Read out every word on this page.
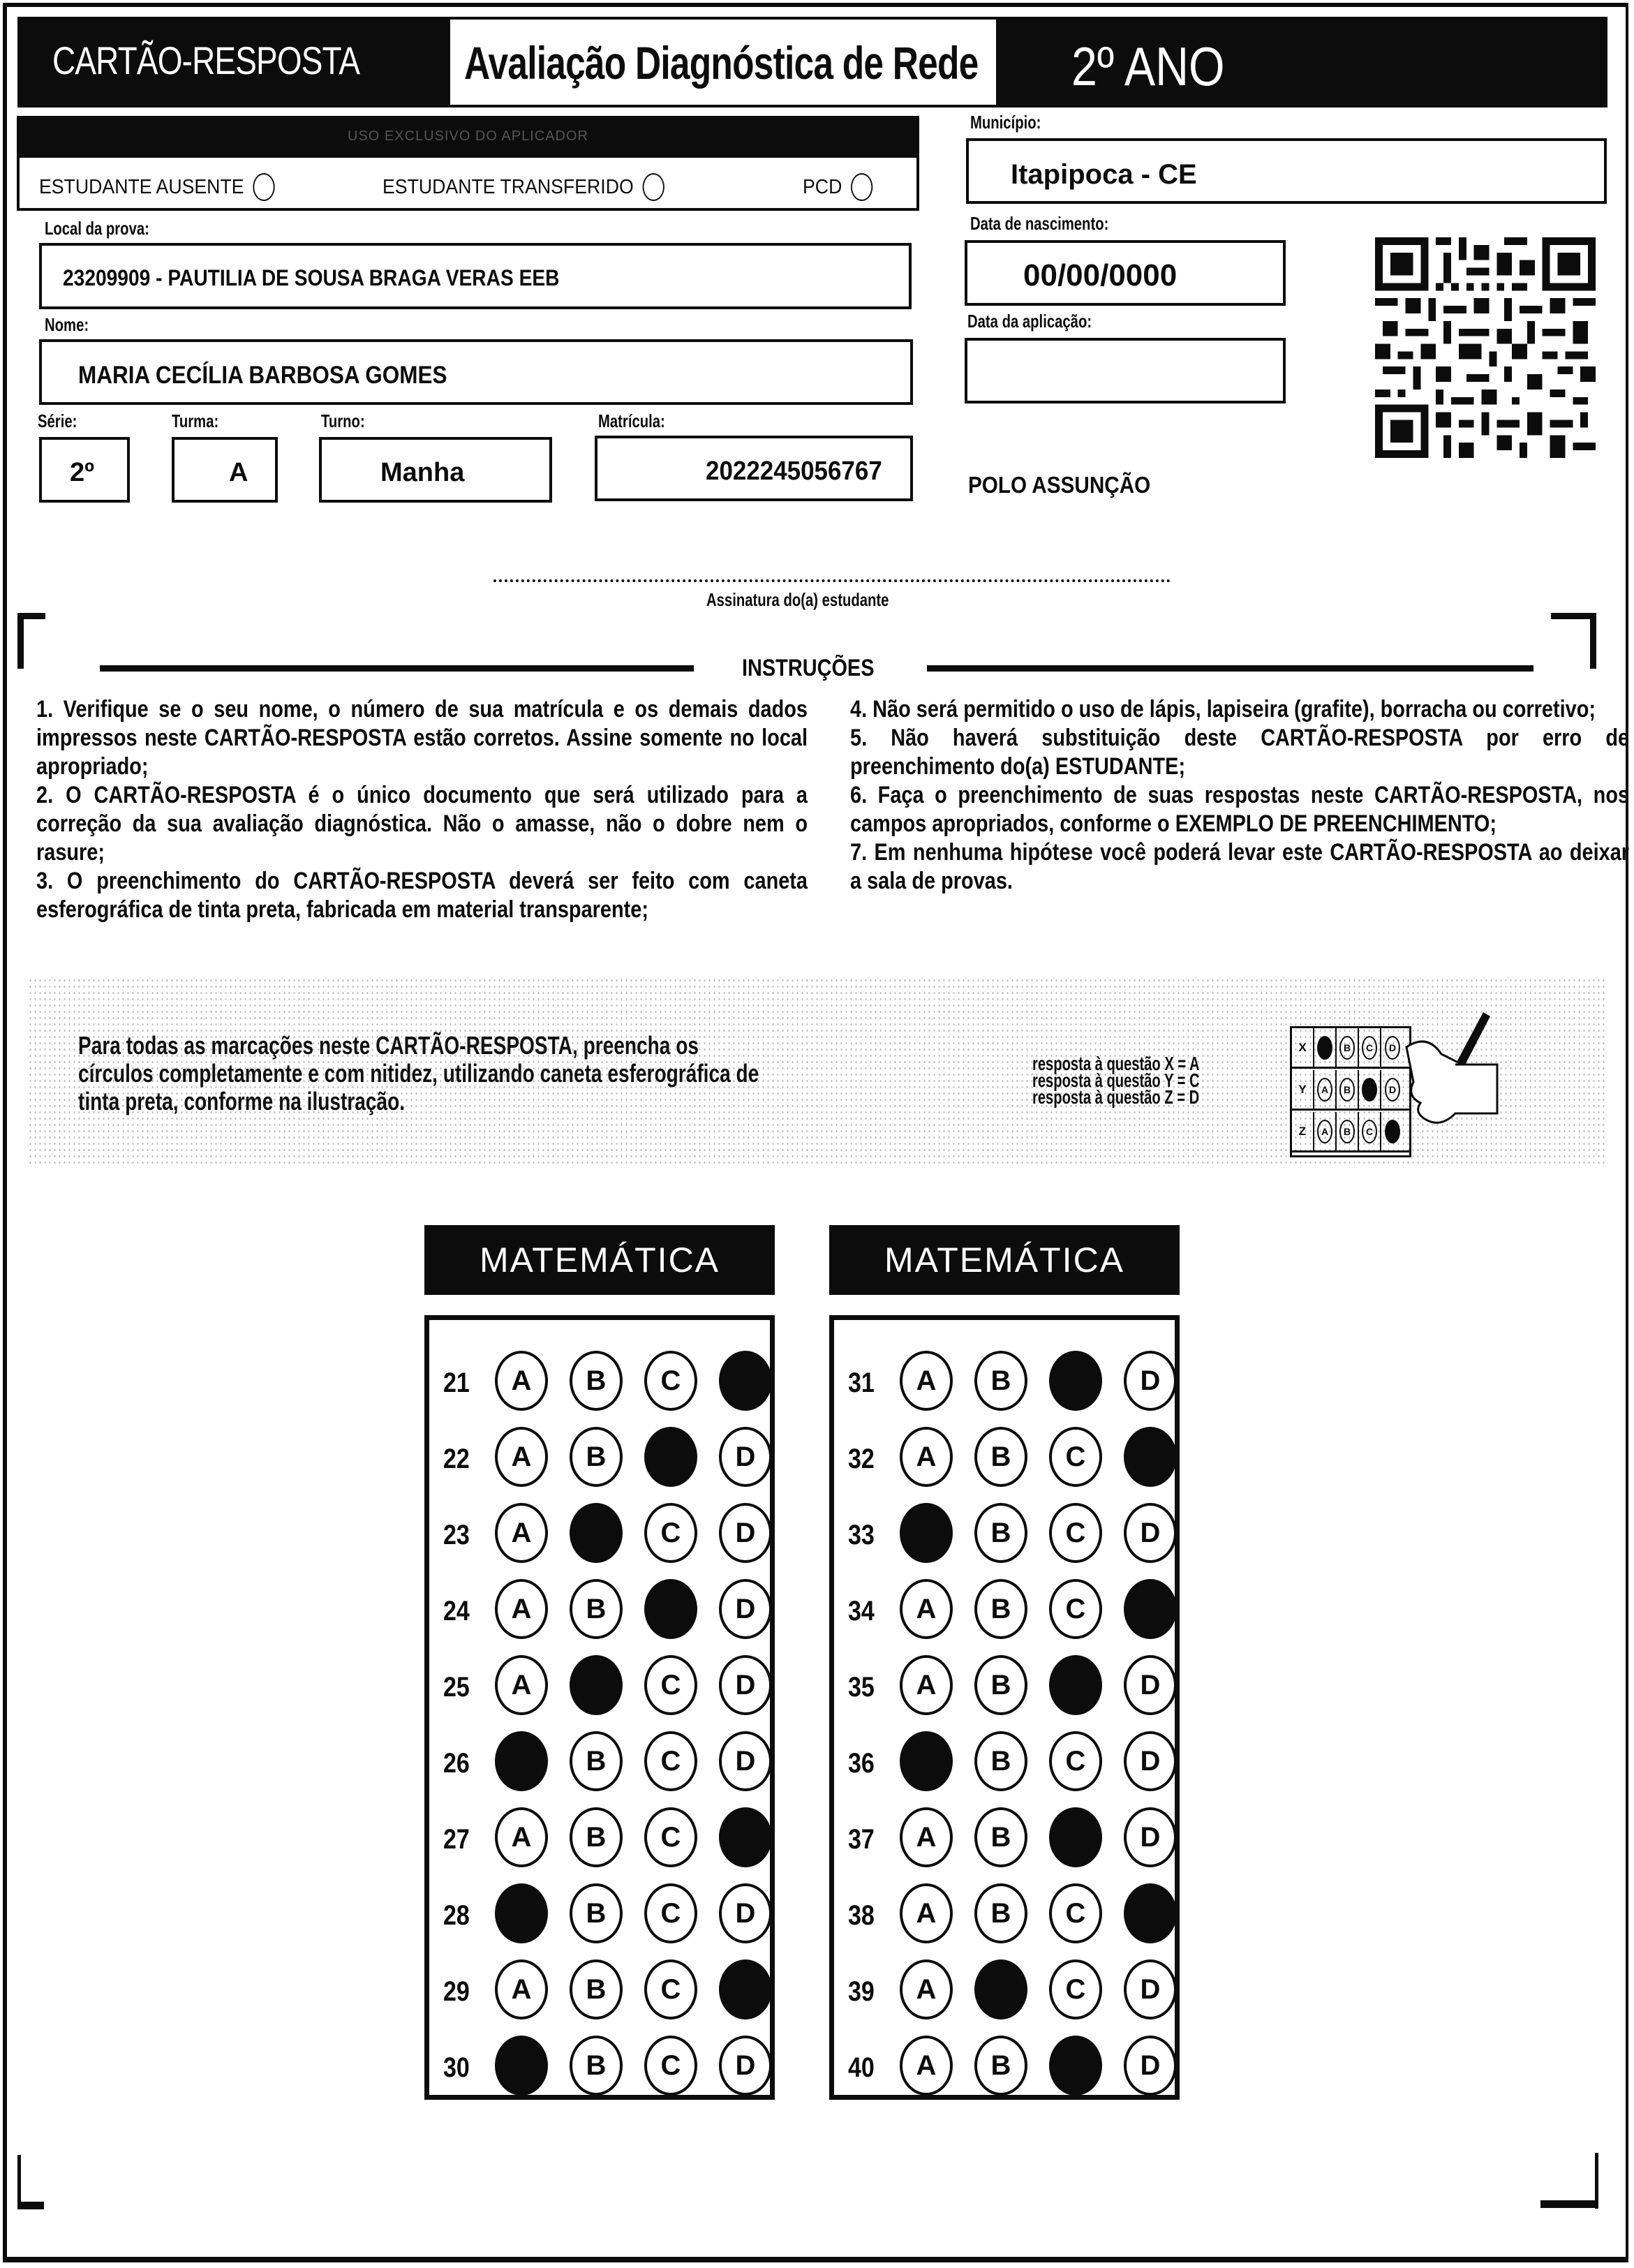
CARTÃO-RESPOSTA Avaliação Diagnóstica de Rede 2º ANO
USO EXCLUSIVO DO APLICADOR
ESTUDANTE AUSENTE	ESTUDANTE TRANSFERIDO	PCD
Local da prova:
23209909 - PAUTILIA DE SOUSA BRAGA VERAS EEB
Nome:
MARIA CECÍLIA BARBOSA GOMES
Série:
2º
Turma:
A
Turno:
Manha
Matrícula:
2022245056767
Município:
Itapipoca - CE
Data de nascimento:
00/00/0000
Data da aplicação:
POLO ASSUNÇÃO
Assinatura do(a) estudante
INSTRUÇÕES

1. Verifique se o seu nome, o número de sua matrícula e os demais dados impressos neste CARTÃO-RESPOSTA estão corretos. Assine somente no local apropriado;

2. O CARTÃO-RESPOSTA é o único documento que será utilizado para a correção da sua avaliação diagnóstica. Não o amasse, não o dobre nem o rasure;

3. O preenchimento do CARTÃO-RESPOSTA deverá ser feito com caneta esferográfica de tinta preta, fabricada em material transparente;

4. Não será permitido o uso de lápis, lapiseira (grafite), borracha ou corretivo;

5. Não haverá substituição deste CARTÃO-RESPOSTA por erro de preenchimento do(a) ESTUDANTE;

6. Faça o preenchimento de suas respostas neste CARTÃO-RESPOSTA, nos campos apropriados, conforme o EXEMPLO DE PREENCHIMENTO;

7. Em nenhuma hipótese você poderá levar este CARTÃO-RESPOSTA ao deixar a sala de provas.

Para todas as marcações neste CARTÃO-RESPOSTA, preencha os
círculos completamente e com nitidez, utilizando caneta esferográfica de
tinta preta, conforme na ilustração.
resposta à questão X = A
resposta à questão Y = C
resposta à questão Z = D
X	B	C	D
Y	A	B	D
Z	A	B	C
MATEMÁTICA	MATEMÁTICA
21	A	B	C	D
22	A	B	C	D
23	A	B	C	D
24	A	B	C	D
25	A	B	C	D
26	A	B	C	D
27	A	B	C	D
28	A	B	C	D
29	A	B	C	D
30	A	B	C	D
31	A	B	C	D
32	A	B	C	D
33	A	B	C	D
34	A	B	C	D
35	A	B	C	D
36	A	B	C	D
37	A	B	C	D
38	A	B	C	D
39	A	B	C	D
40	A	B	C	D
